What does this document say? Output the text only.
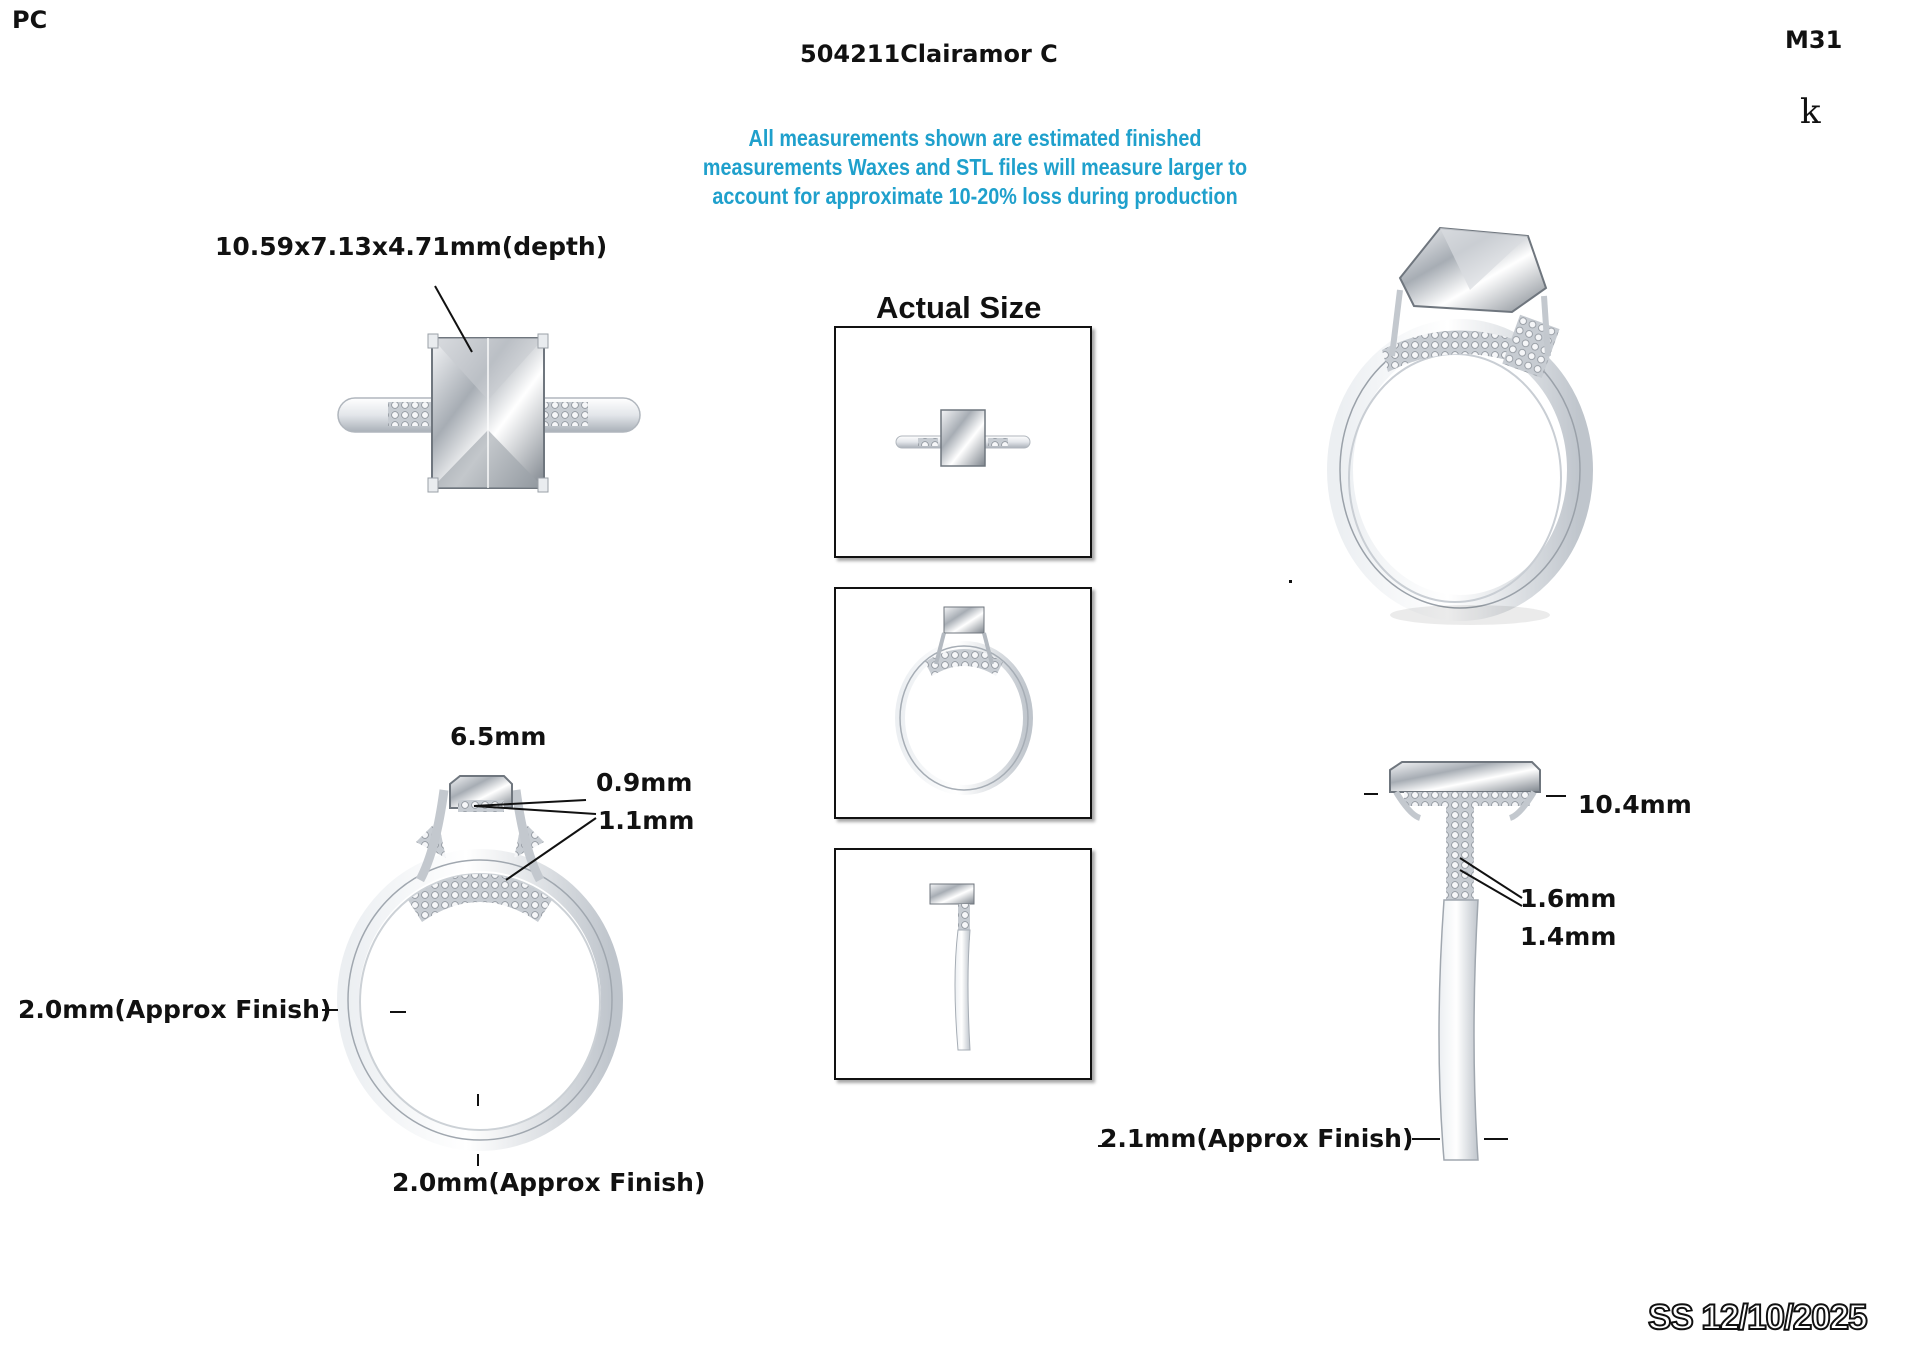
PC
504211Clairamor C	M31
k
All measurements shown are estimated finished
measurements Waxes and STL files will measure larger to
account for approximate 10-20% loss during production
10.59x7.13x4.71mm(depth)
Actual Size
6.5mm
0.9mm
1.1mm
2.0mm(Approx Finish)
2.0mm(Approx Finish)
10.4mm
1.6mm
1.4mm
2.1mm(Approx Finish)
SS 12/10/2025
